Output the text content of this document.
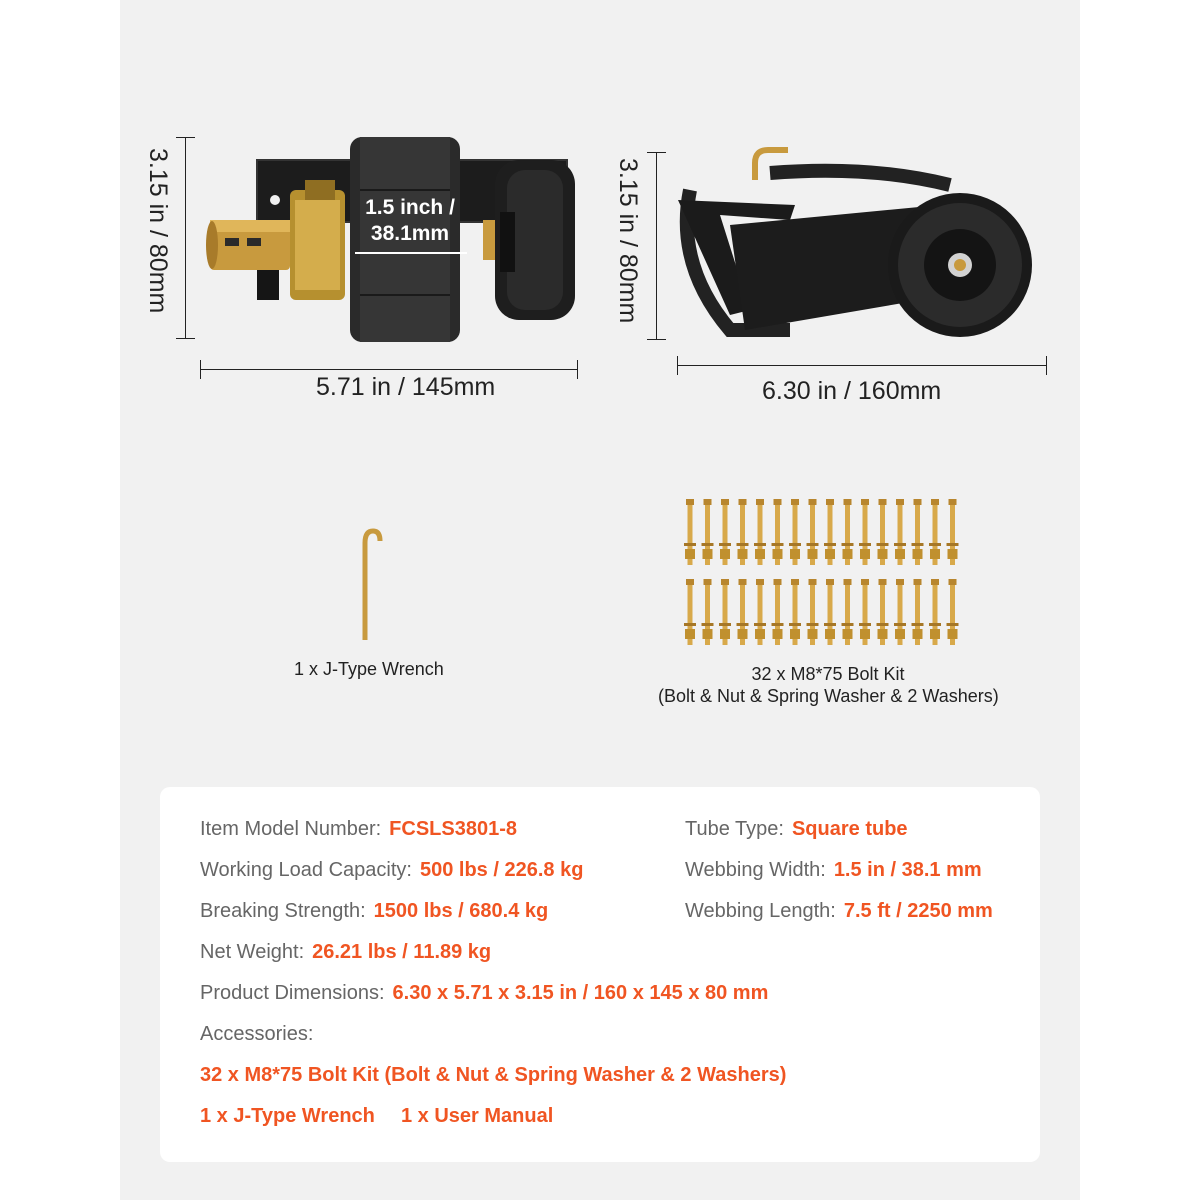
1.5 inch /
38.1mm
3.15 in / 80mm
5.71 in / 145mm
3.15 in / 80mm
6.30 in / 160mm
1 x J-Type Wrench	32 x M8*75 Bolt Kit
(Bolt & Nut & Spring Washer & 2 Washers)
Item Model Number: FCSLS3801-8	Tube Type: Square tube
Working Load Capacity: 500 lbs / 226.8 kg	Webbing Width: 1.5 in / 38.1 mm
Breaking Strength: 1500 lbs / 680.4 kg	Webbing Length: 7.5 ft / 2250 mm
Net Weight: 26.21 lbs / 11.89 kg
Product Dimensions: 6.30 x 5.71 x 3.15 in / 160 x 145 x 80 mm
Accessories:
32 x M8*75 Bolt Kit (Bolt & Nut & Spring Washer & 2 Washers)
1 x J-Type Wrench 1 x User Manual
